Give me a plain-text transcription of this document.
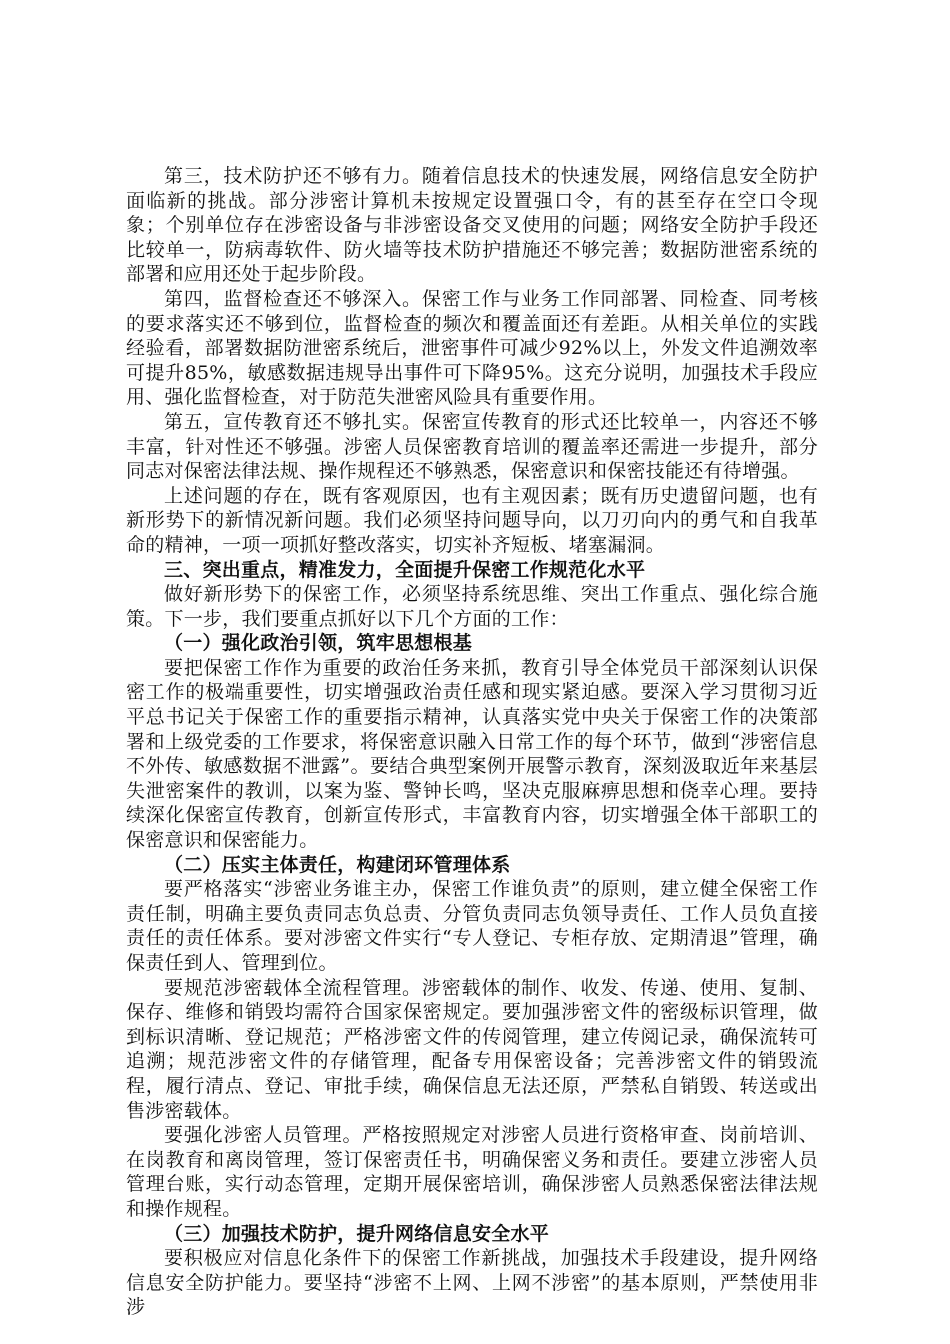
第三，技术防护还不够有力。随着信息技术的快速发展，网络信息安全防护面临新的挑战。部分涉密计算机未按规定设置强口令，有的甚至存在空口令现象；个别单位存在涉密设备与非涉密设备交叉使用的问题；网络安全防护手段还比较单一，防病毒软件、防火墙等技术防护措施还不够完善；数据防泄密系统的部署和应用还处于起步阶段。

第四，监督检查还不够深入。保密工作与业务工作同部署、同检查、同考核的要求落实还不够到位，监督检查的频次和覆盖面还有差距。从相关单位的实践经验看，部署数据防泄密系统后，泄密事件可减少92%以上，外发文件追溯效率可提升85%，敏感数据违规导出事件可下降95%。这充分说明，加强技术手段应用、强化监督检查，对于防范失泄密风险具有重要作用。

第五，宣传教育还不够扎实。保密宣传教育的形式还比较单一，内容还不够丰富，针对性还不够强。涉密人员保密教育培训的覆盖率还需进一步提升，部分同志对保密法律法规、操作规程还不够熟悉，保密意识和保密技能还有待增强。

上述问题的存在，既有客观原因，也有主观因素；既有历史遗留问题，也有新形势下的新情况新问题。我们必须坚持问题导向，以刀刃向内的勇气和自我革命的精神，一项一项抓好整改落实，切实补齐短板、堵塞漏洞。

三、突出重点，精准发力，全面提升保密工作规范化水平

做好新形势下的保密工作，必须坚持系统思维、突出工作重点、强化综合施策。下一步，我们要重点抓好以下几个方面的工作：

（一）强化政治引领，筑牢思想根基

要把保密工作作为重要的政治任务来抓，教育引导全体党员干部深刻认识保密工作的极端重要性，切实增强政治责任感和现实紧迫感。要深入学习贯彻习近平总书记关于保密工作的重要指示精神，认真落实党中央关于保密工作的决策部署和上级党委的工作要求，将保密意识融入日常工作的每个环节，做到“涉密信息不外传、敏感数据不泄露”。要结合典型案例开展警示教育，深刻汲取近年来基层失泄密案件的教训，以案为鉴、警钟长鸣，坚决克服麻痹思想和侥幸心理。要持续深化保密宣传教育，创新宣传形式，丰富教育内容，切实增强全体干部职工的保密意识和保密能力。

（二）压实主体责任，构建闭环管理体系

要严格落实“涉密业务谁主办，保密工作谁负责”的原则，建立健全保密工作责任制，明确主要负责同志负总责、分管负责同志负领导责任、工作人员负直接责任的责任体系。要对涉密文件实行“专人登记、专柜存放、定期清退”管理，确保责任到人、管理到位。

要规范涉密载体全流程管理。涉密载体的制作、收发、传递、使用、复制、保存、维修和销毁均需符合国家保密规定。要加强涉密文件的密级标识管理，做到标识清晰、登记规范；严格涉密文件的传阅管理，建立传阅记录，确保流转可追溯；规范涉密文件的存储管理，配备专用保密设备；完善涉密文件的销毁流程，履行清点、登记、审批手续，确保信息无法还原，严禁私自销毁、转送或出售涉密载体。

要强化涉密人员管理。严格按照规定对涉密人员进行资格审查、岗前培训、在岗教育和离岗管理，签订保密责任书，明确保密义务和责任。要建立涉密人员管理台账，实行动态管理，定期开展保密培训，确保涉密人员熟悉保密法律法规和操作规程。

（三）加强技术防护，提升网络信息安全水平

要积极应对信息化条件下的保密工作新挑战，加强技术手段建设，提升网络信息安全防护能力。要坚持“涉密不上网、上网不涉密”的基本原则，严禁使用非涉
